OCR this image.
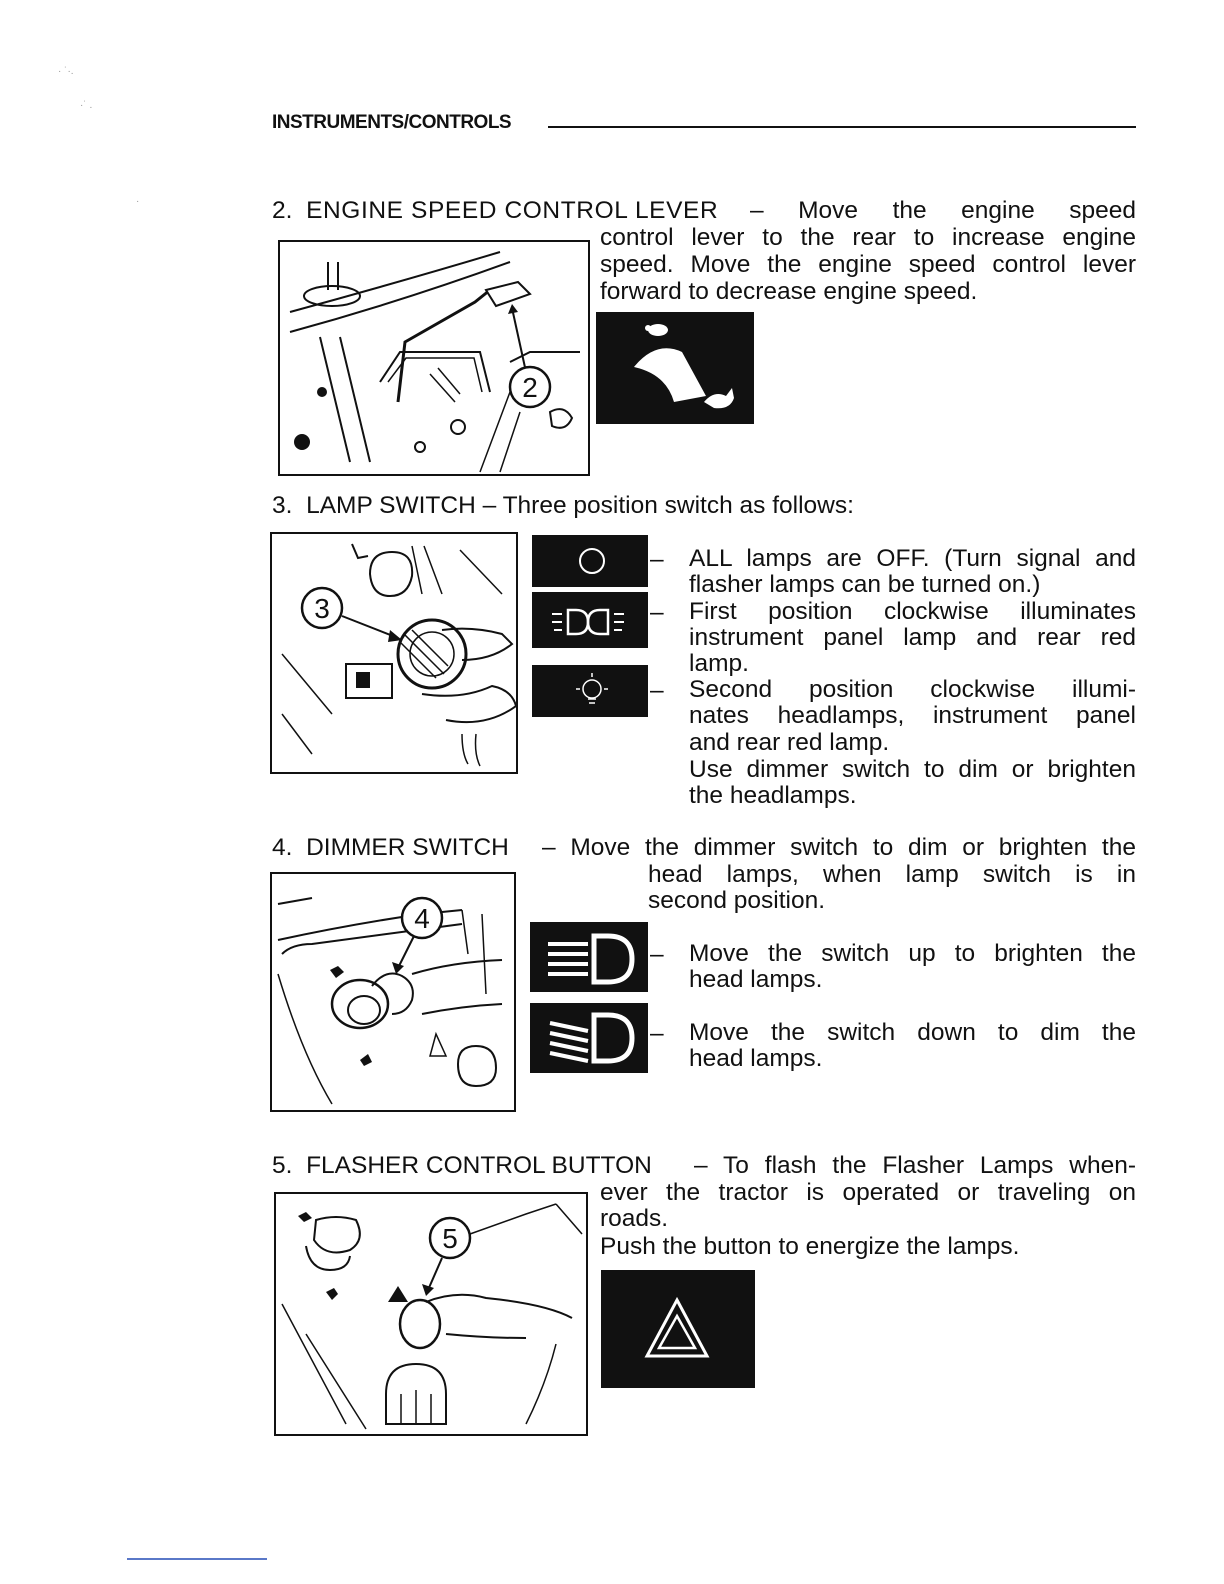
· ˙·.
·˙ .
·
INSTRUMENTS/CONTROLS
2. ENGINE SPEED CONTROL LEVER	– Move the engine speed
control lever to the rear to increase engine
speed. Move the engine speed control lever
forward to decrease engine speed.
2
3. LAMP SWITCH – Three position switch as follows:
3
–
–
–
ALL lamps are OFF. (Turn signal and
flasher lamps can be turned on.)
First position clockwise illuminates
instrument panel lamp and rear red
lamp.
Second position clockwise illumi-
nates headlamps, instrument panel
and rear red lamp.
Use dimmer switch to dim or brighten
the headlamps.
4. DIMMER SWITCH – Move the dimmer switch to dim or brighten the
head lamps, when lamp switch is in
second position.
4
–
–
Move the switch up to brighten the
head lamps.
Move the switch down to dim the
head lamps.
5. FLASHER CONTROL BUTTON – To flash the Flasher Lamps when-
ever the tractor is operated or traveling on
roads.
Push the button to energize the lamps.
5
